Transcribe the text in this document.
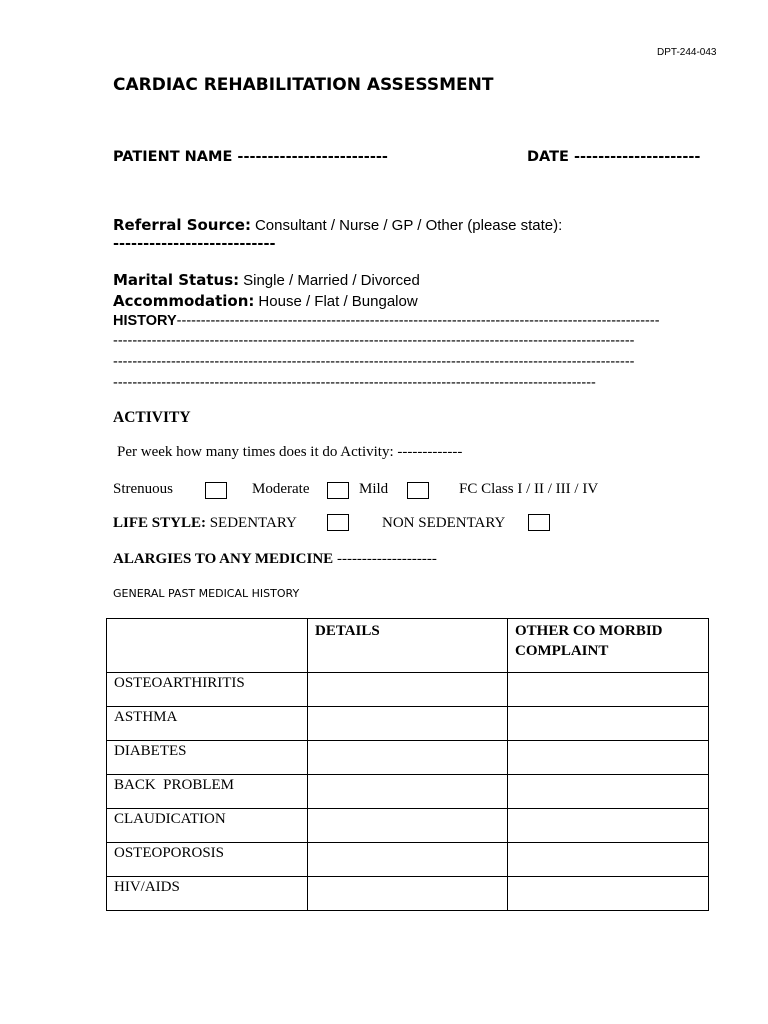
DPT-244-043
CARDIAC REHABILITATION ASSESSMENT
PATIENT NAME -------------------------	DATE ---------------------
Referral Source: Consultant / Nurse / GP / Other (please state):
---------------------------
Marital Status: Single / Married / Divorced
Accommodation: House / Flat / Bungalow
HISTORY----------------------------------------------------------------------------------------------------
------------------------------------------------------------------------------------------------------------
------------------------------------------------------------------------------------------------------------
----------------------------------------------------------------------------------------------------
ACTIVITY
Per week how many times does it do Activity: -------------
Strenuous	Moderate	Mild	FC Class I / II / III / IV
LIFE STYLE: SEDENTARY	NON SEDENTARY
ALARGIES TO ANY MEDICINE --------------------
GENERAL PAST MEDICAL HISTORY
	DETAILS	OTHER CO MORBID COMPLAINT
OSTEOARTHIRITIS		
ASTHMA		
DIABETES		
BACK  PROBLEM		
CLAUDICATION		
OSTEOPOROSIS		
HIV/AIDS		
